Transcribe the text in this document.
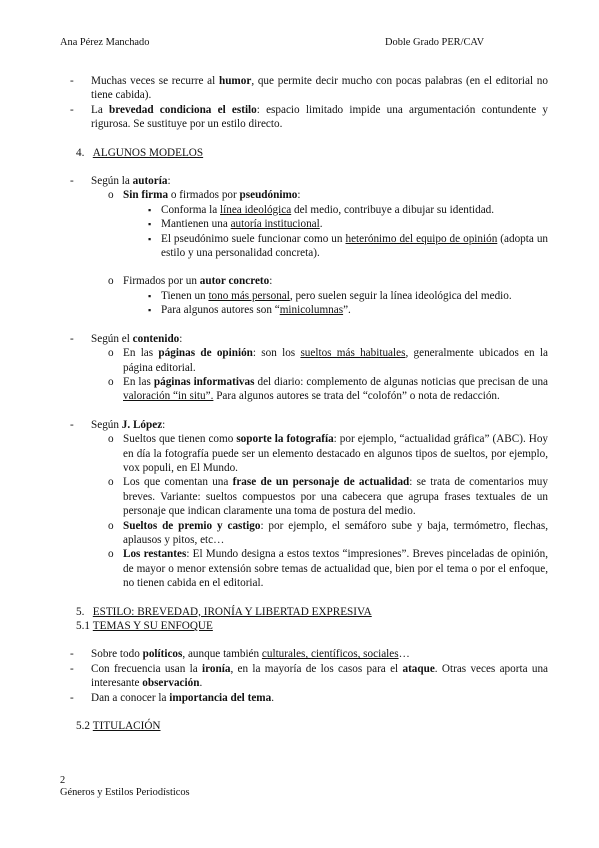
Ana Pérez Manchado	Doble Grado PER/CAV
- Muchas veces se recurre al humor, que permite decir mucho con pocas palabras (en el editorial no tiene cabida).
- La brevedad condiciona el estilo: espacio limitado impide una argumentación contundente y rigurosa. Se sustituye por un estilo directo.
4. ALGUNOS MODELOS
- Según la autoría:
o Sin firma o firmados por pseudónimo:
▪ Conforma la línea ideológica del medio, contribuye a dibujar su identidad.
▪ Mantienen una autoría institucional.
▪ El pseudónimo suele funcionar como un heterónimo del equipo de opinión (adopta un estilo y una personalidad concreta).
o Firmados por un autor concreto:
▪ Tienen un tono más personal, pero suelen seguir la línea ideológica del medio.
▪ Para algunos autores son “minicolumnas”.
- Según el contenido:
o En las páginas de opinión: son los sueltos más habituales, generalmente ubicados en la página editorial.
o En las páginas informativas del diario: complemento de algunas noticias que precisan de una valoración “in situ”. Para algunos autores se trata del “colofón” o nota de redacción.
- Según J. López:
o Sueltos que tienen como soporte la fotografía: por ejemplo, “actualidad gráfica” (ABC). Hoy en día la fotografía puede ser un elemento destacado en algunos tipos de sueltos, por ejemplo, vox populi, en El Mundo.
o Los que comentan una frase de un personaje de actualidad: se trata de comentarios muy breves. Variante: sueltos compuestos por una cabecera que agrupa frases textuales de un personaje que indican claramente una toma de postura del medio.
o Sueltos de premio y castigo: por ejemplo, el semáforo sube y baja, termómetro, flechas, aplausos y pitos, etc…
o Los restantes: El Mundo designa a estos textos “impresiones”. Breves pinceladas de opinión, de mayor o menor extensión sobre temas de actualidad que, bien por el tema o por el enfoque, no tienen cabida en el editorial.
5. ESTILO: BREVEDAD, IRONÍA Y LIBERTAD EXPRESIVA
5.1 TEMAS Y SU ENFOQUE
- Sobre todo políticos, aunque también culturales, científicos, sociales…
- Con frecuencia usan la ironía, en la mayoría de los casos para el ataque. Otras veces aporta una interesante observación.
- Dan a conocer la importancia del tema.
5.2 TITULACIÓN
2
Géneros y Estilos Periodísticos
